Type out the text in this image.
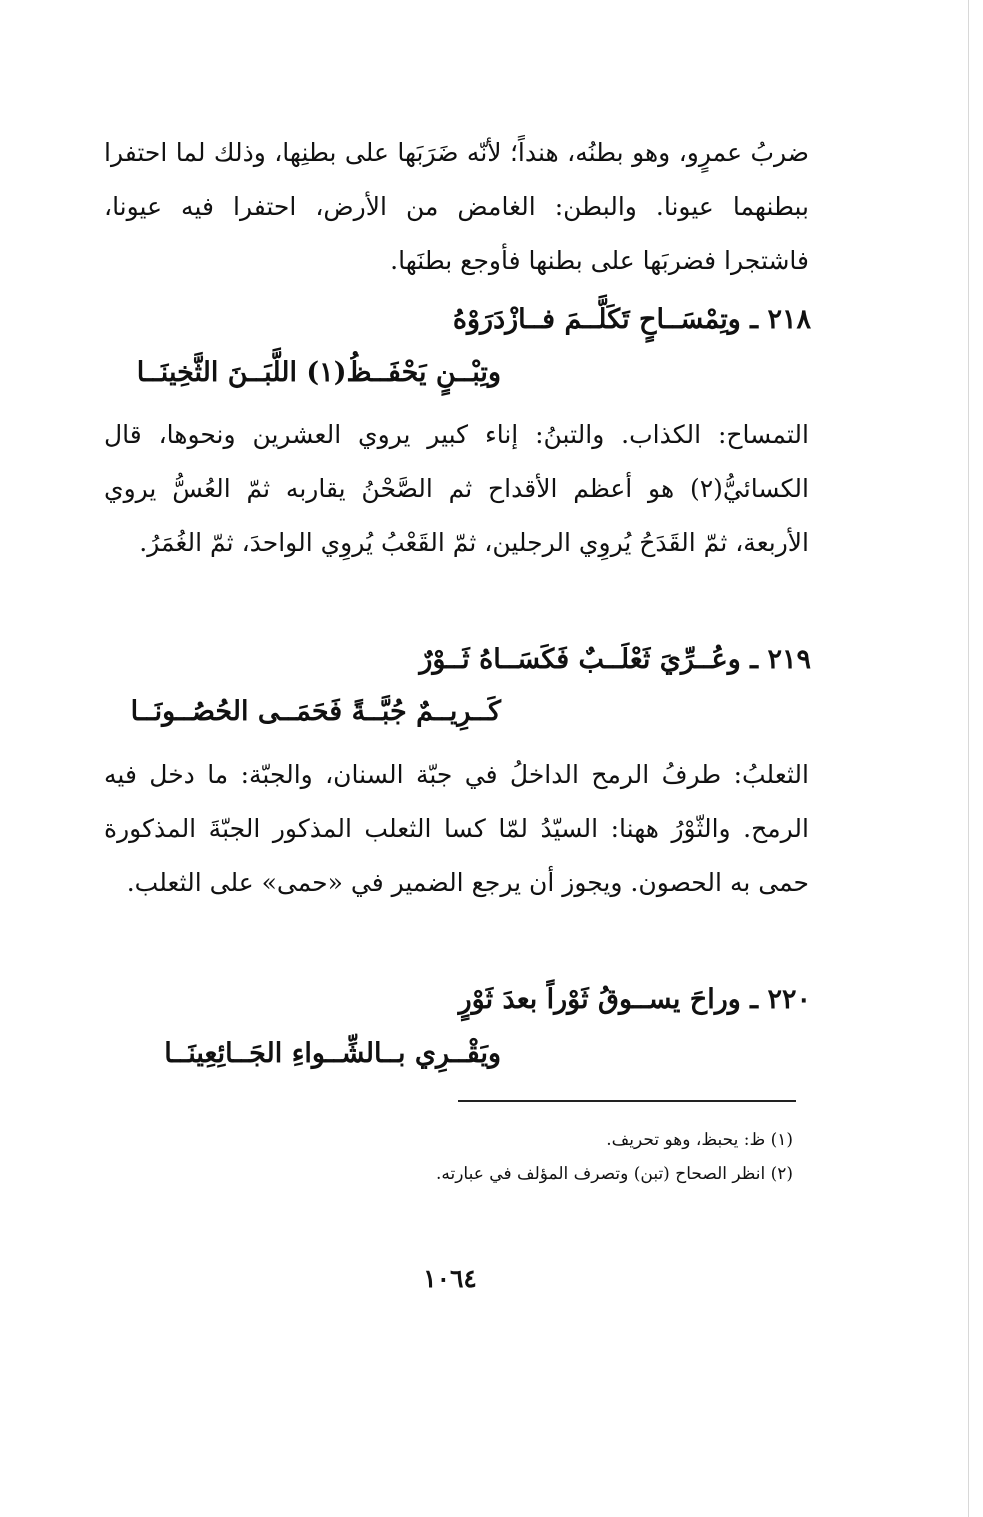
ضربُ عمرٍو، وهو بطنُه، هنداً؛ لأنّه ضَرَبَها على بطنِها، وذلك لما احتفرا ببطنهما عيونا. والبطن: الغامض من الأرض، احتفرا فيه عيونا، فاشتجرا فضربَها على بطنها فأوجع بطنَها.

٢١٨ ـ وتِمْسَــاحٍ تَكَلَّــمَ فــازْدَرَوْهُ
وتِبْــنٍ يَحْفَــظُ(١) اللَّبَــنَ الثَّخِينَــا

التمساح: الكذاب. والتبنُ: إناء كبير يروي العشرين ونحوها، قال الكسائيُّ(٢) هو أعظم الأقداح ثم الصَّحْنُ يقاربه ثمّ العُسُّ يروي الأربعة، ثمّ القَدَحُ يُروِي الرجلين، ثمّ القَعْبُ يُروِي الواحدَ، ثمّ الغُمَرُ.

٢١٩ ـ وعُــرِّيَ ثَعْلَــبٌ فَكَسَــاهُ ثَــوْرٌ
كَــرِيــمٌ جُبَّــةً فَحَمَــى الحُصُــونَــا

الثعلبُ: طرفُ الرمح الداخلُ في جبّة السنان، والجبّة: ما دخل فيه الرمح. والثّوْرُ ههنا: السيّدُ لمّا كسا الثعلب المذكور الجبّةَ المذكورة حمى به الحصون. ويجوز أن يرجع الضمير في «حمى» على الثعلب.

٢٢٠ ـ وراحَ يســوقُ ثَوْراً بعدَ ثَوْرٍ
ويَقْــرِي بــالشِّــواءِ الجَــائِعِينَــا
(١) ظ: يحبظ، وهو تحريف.
(٢) انظر الصحاح (تبن) وتصرف المؤلف في عبارته.
١٠٦٤
